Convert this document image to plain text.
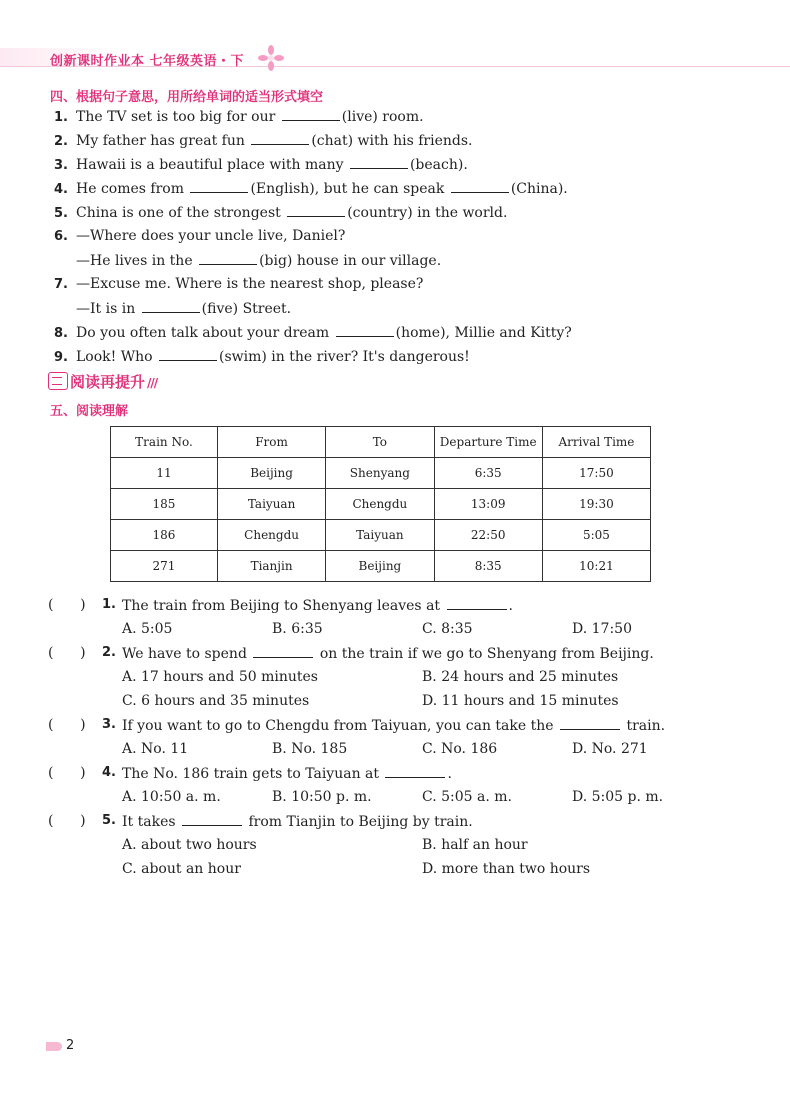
创新课时作业本 七年级英语・下
四、根据句子意思，用所给单词的适当形式填空
1. The TV set is too big for our	(live) room.
2. My father has great fun	(chat) with his friends.
3. Hawaii is a beautiful place with many	(beach).
4. He comes from	(English), but he can speak	(China).
5. China is one of the strongest	(country) in the world.
6. —Where does your uncle live, Daniel?
—He lives in the	(big) house in our village.
7. —Excuse me. Where is the nearest shop, please?
—It is in	(five) Street.
8. Do you often talk about your dream	(home), Millie and Kitty?
9. Look! Who	(swim) in the river? It's dangerous!
阅读再提升 ///
五、阅读理解
Train No.	From	To	Departure Time	Arrival Time
11	Beijing	Shenyang	6:35	17:50
185	Taiyuan	Chengdu	13:09	19:30
186	Chengdu	Taiyuan	22:50	5:05
271	Tianjin	Beijing	8:35	10:21
(      ) 1. The train from Beijing to Shenyang leaves at	.
A. 5:05	B. 6:35	C. 8:35	D. 17:50
(      ) 2. We have to spend	on the train if we go to Shenyang from Beijing.
A. 17 hours and 50 minutes	B. 24 hours and 25 minutes
C. 6 hours and 35 minutes	D. 11 hours and 15 minutes
(      ) 3. If you want to go to Chengdu from Taiyuan, you can take the	train.
A. No. 11	B. No. 185	C. No. 186	D. No. 271
(      ) 4. The No. 186 train gets to Taiyuan at	.
A. 10:50 a. m.	B. 10:50 p. m.	C. 5:05 a. m.	D. 5:05 p. m.
(      ) 5. It takes	from Tianjin to Beijing by train.
A. about two hours	B. half an hour
C. about an hour	D. more than two hours
2
